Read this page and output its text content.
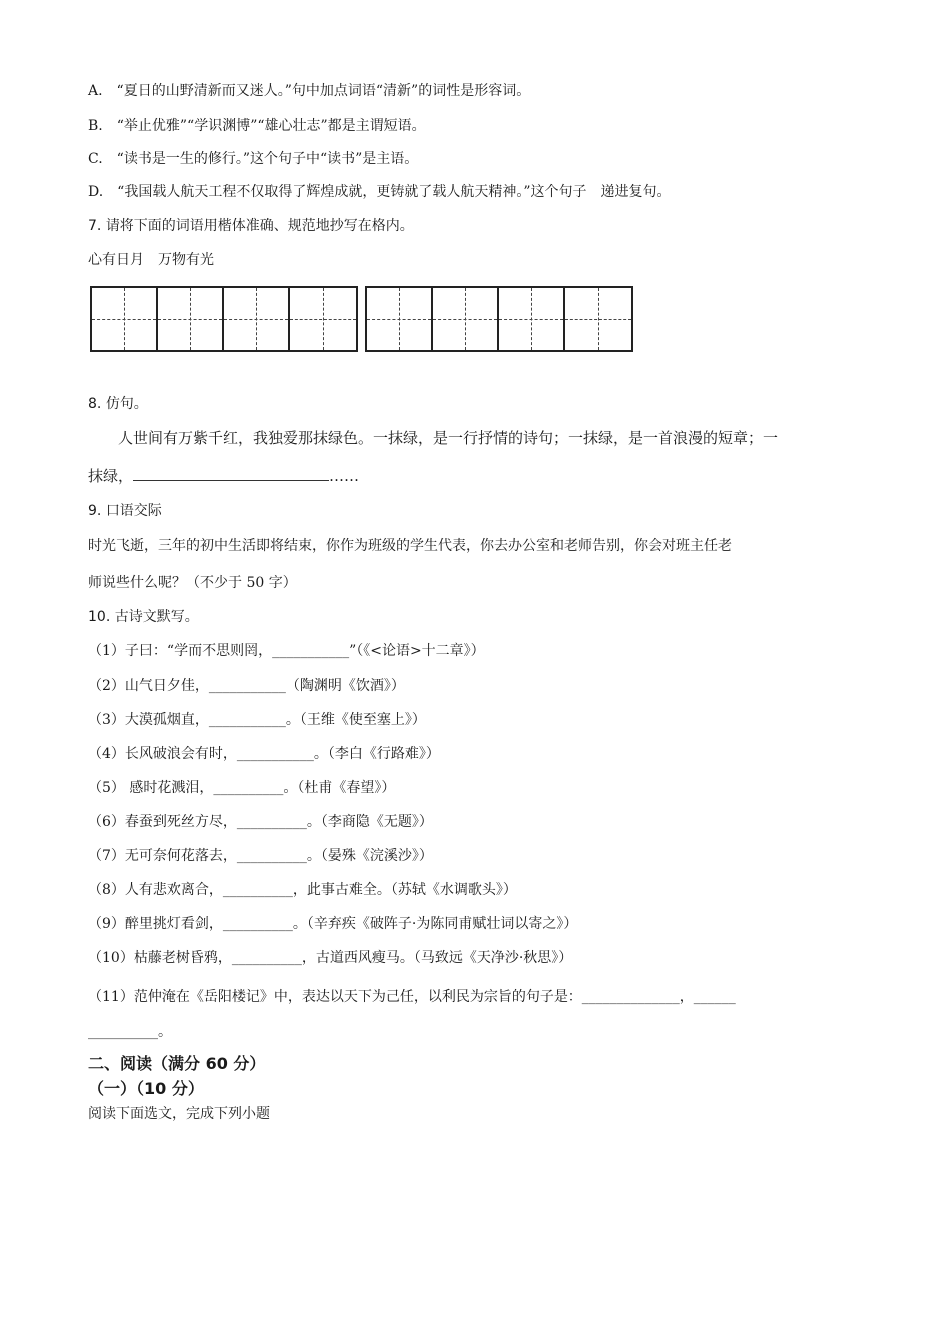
A.　“夏日的山野清新而又迷人。”句中加点词语“清新”的词性是形容词。
B.　“举止优雅”“学识渊博”“雄心壮志”都是主谓短语。
C.　“读书是一生的修行。”这个句子中“读书”是主语。
D.　“我国载人航天工程不仅取得了辉煌成就，更铸就了载人航天精神。”这个句子　递进复句。
7. 请将下面的词语用楷体准确、规范地抄写在格内。
心有日月　万物有光
8. 仿句。
人世间有万紫千红，我独爱那抹绿色。一抹绿，是一行抒情的诗句；一抹绿，是一首浪漫的短章；一
抹绿，	……
9. 口语交际
时光飞逝，三年的初中生活即将结束，你作为班级的学生代表，你去办公室和老师告别，你会对班主任老
师说些什么呢？（不少于 50 字）
10. 古诗文默写。
（1）子曰：“学而不思则罔，___________”（《<论语>十二章》）
（2）山气日夕佳，___________（陶渊明《饮酒》）
（3）大漠孤烟直，___________。（王维《使至塞上》）
（4）长风破浪会有时，___________。（李白《行路难》）
（5） 感时花溅泪，__________。（杜甫《春望》）
（6）春蚕到死丝方尽，__________。（李商隐《无题》）
（7）无可奈何花落去，__________。（晏殊《浣溪沙》）
（8）人有悲欢离合，__________，此事古难全。（苏轼《水调歌头》）
（9）醉里挑灯看剑，__________。（辛弃疾《破阵子·为陈同甫赋壮词以寄之》）
（10）枯藤老树昏鸦，__________，古道西风瘦马。（马致远《天净沙·秋思》）
（11）范仲淹在《岳阳楼记》中，表达以天下为己任，以利民为宗旨的句子是：______________，______
__________。
二、阅读（满分 60 分）
（一）（10 分）
阅读下面选文，完成下列小题
